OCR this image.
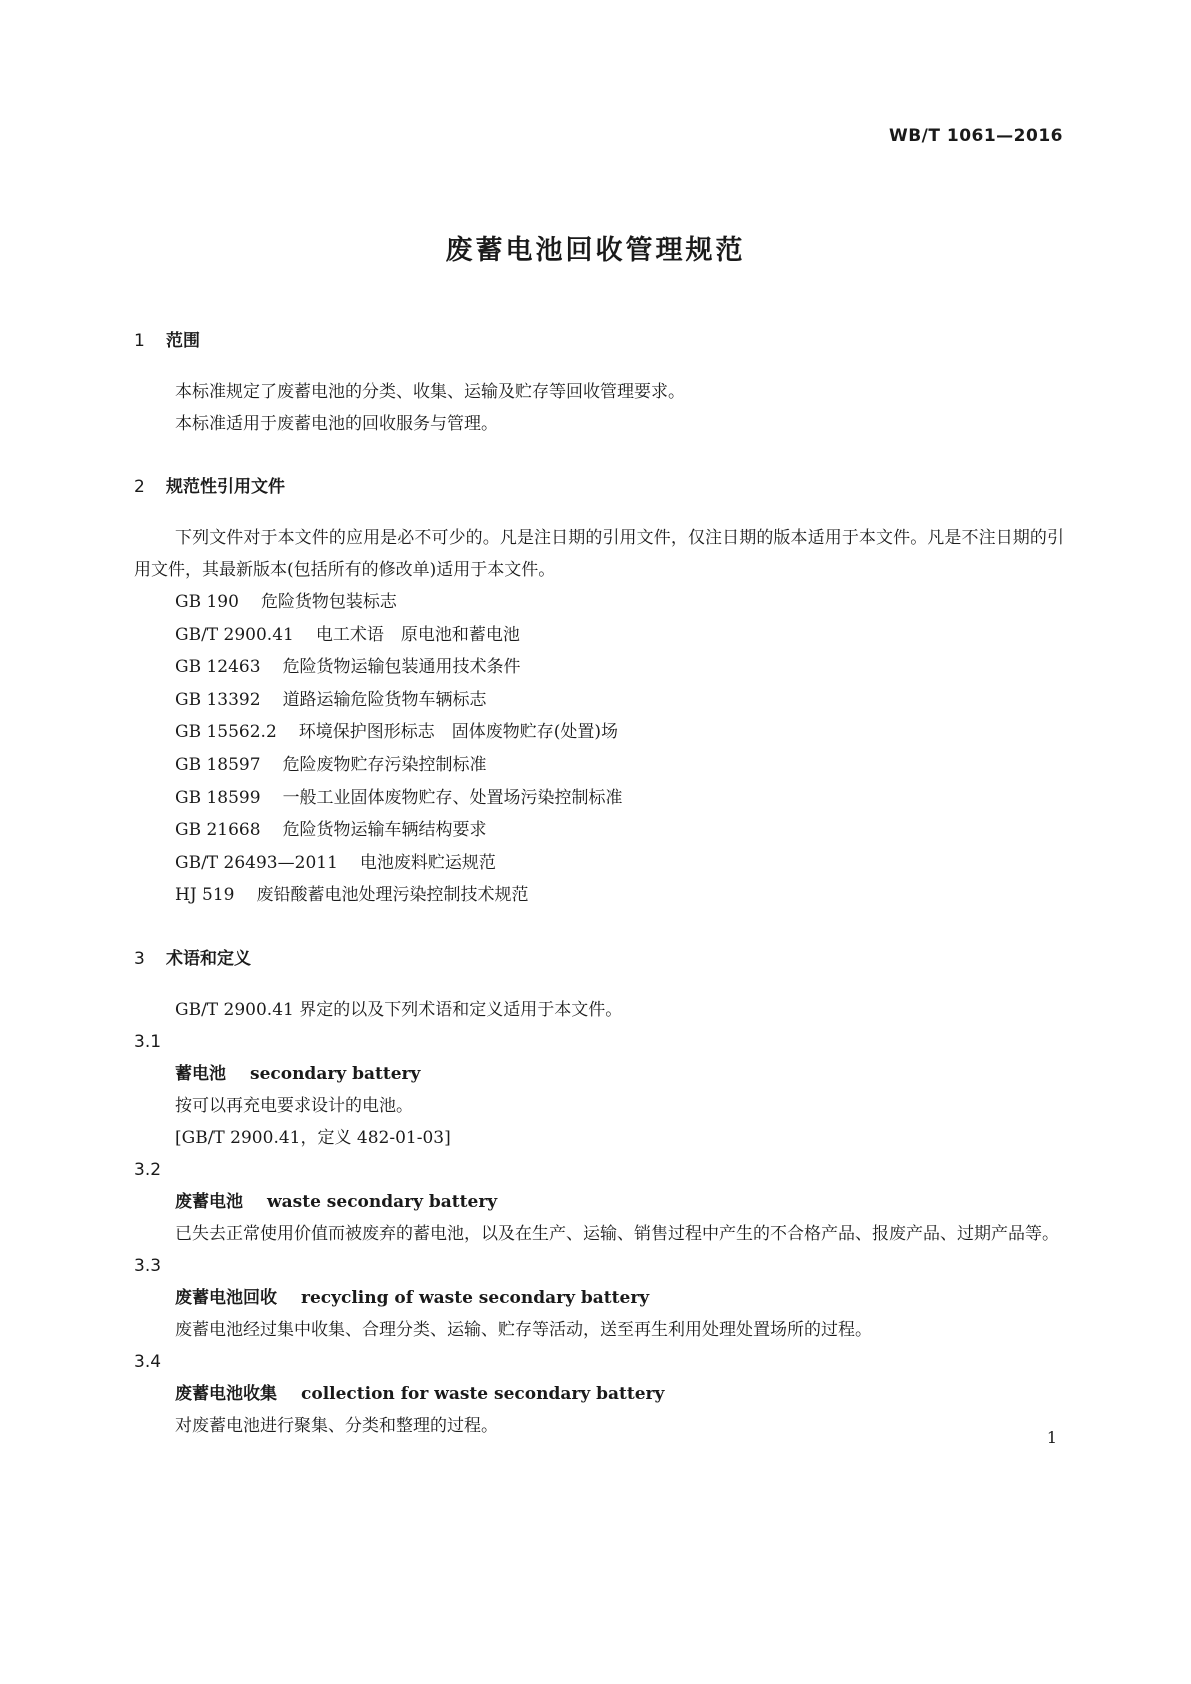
WB/T 1061—2016
废蓄电池回收管理规范
1 范围
本标准规定了废蓄电池的分类、收集、运输及贮存等回收管理要求。
本标准适用于废蓄电池的回收服务与管理。
2 规范性引用文件
下列文件对于本文件的应用是必不可少的。凡是注日期的引用文件，仅注日期的版本适用于本文件。凡是不注日期的引用文件，其最新版本(包括所有的修改单)适用于本文件。
GB 190 危险货物包装标志
GB/T 2900.41 电工术语　原电池和蓄电池
GB 12463 危险货物运输包装通用技术条件
GB 13392 道路运输危险货物车辆标志
GB 15562.2 环境保护图形标志　固体废物贮存(处置)场
GB 18597 危险废物贮存污染控制标准
GB 18599 一般工业固体废物贮存、处置场污染控制标准
GB 21668 危险货物运输车辆结构要求
GB/T 26493—2011 电池废料贮运规范
HJ 519 废铅酸蓄电池处理污染控制技术规范
3 术语和定义
GB/T 2900.41 界定的以及下列术语和定义适用于本文件。
3.1
蓄电池 secondary battery
按可以再充电要求设计的电池。
[GB/T 2900.41，定义 482-01-03]
3.2
废蓄电池 waste secondary battery
已失去正常使用价值而被废弃的蓄电池，以及在生产、运输、销售过程中产生的不合格产品、报废产品、过期产品等。
3.3
废蓄电池回收 recycling of waste secondary battery
废蓄电池经过集中收集、合理分类、运输、贮存等活动，送至再生利用处理处置场所的过程。
3.4
废蓄电池收集 collection for waste secondary battery
对废蓄电池进行聚集、分类和整理的过程。
1
